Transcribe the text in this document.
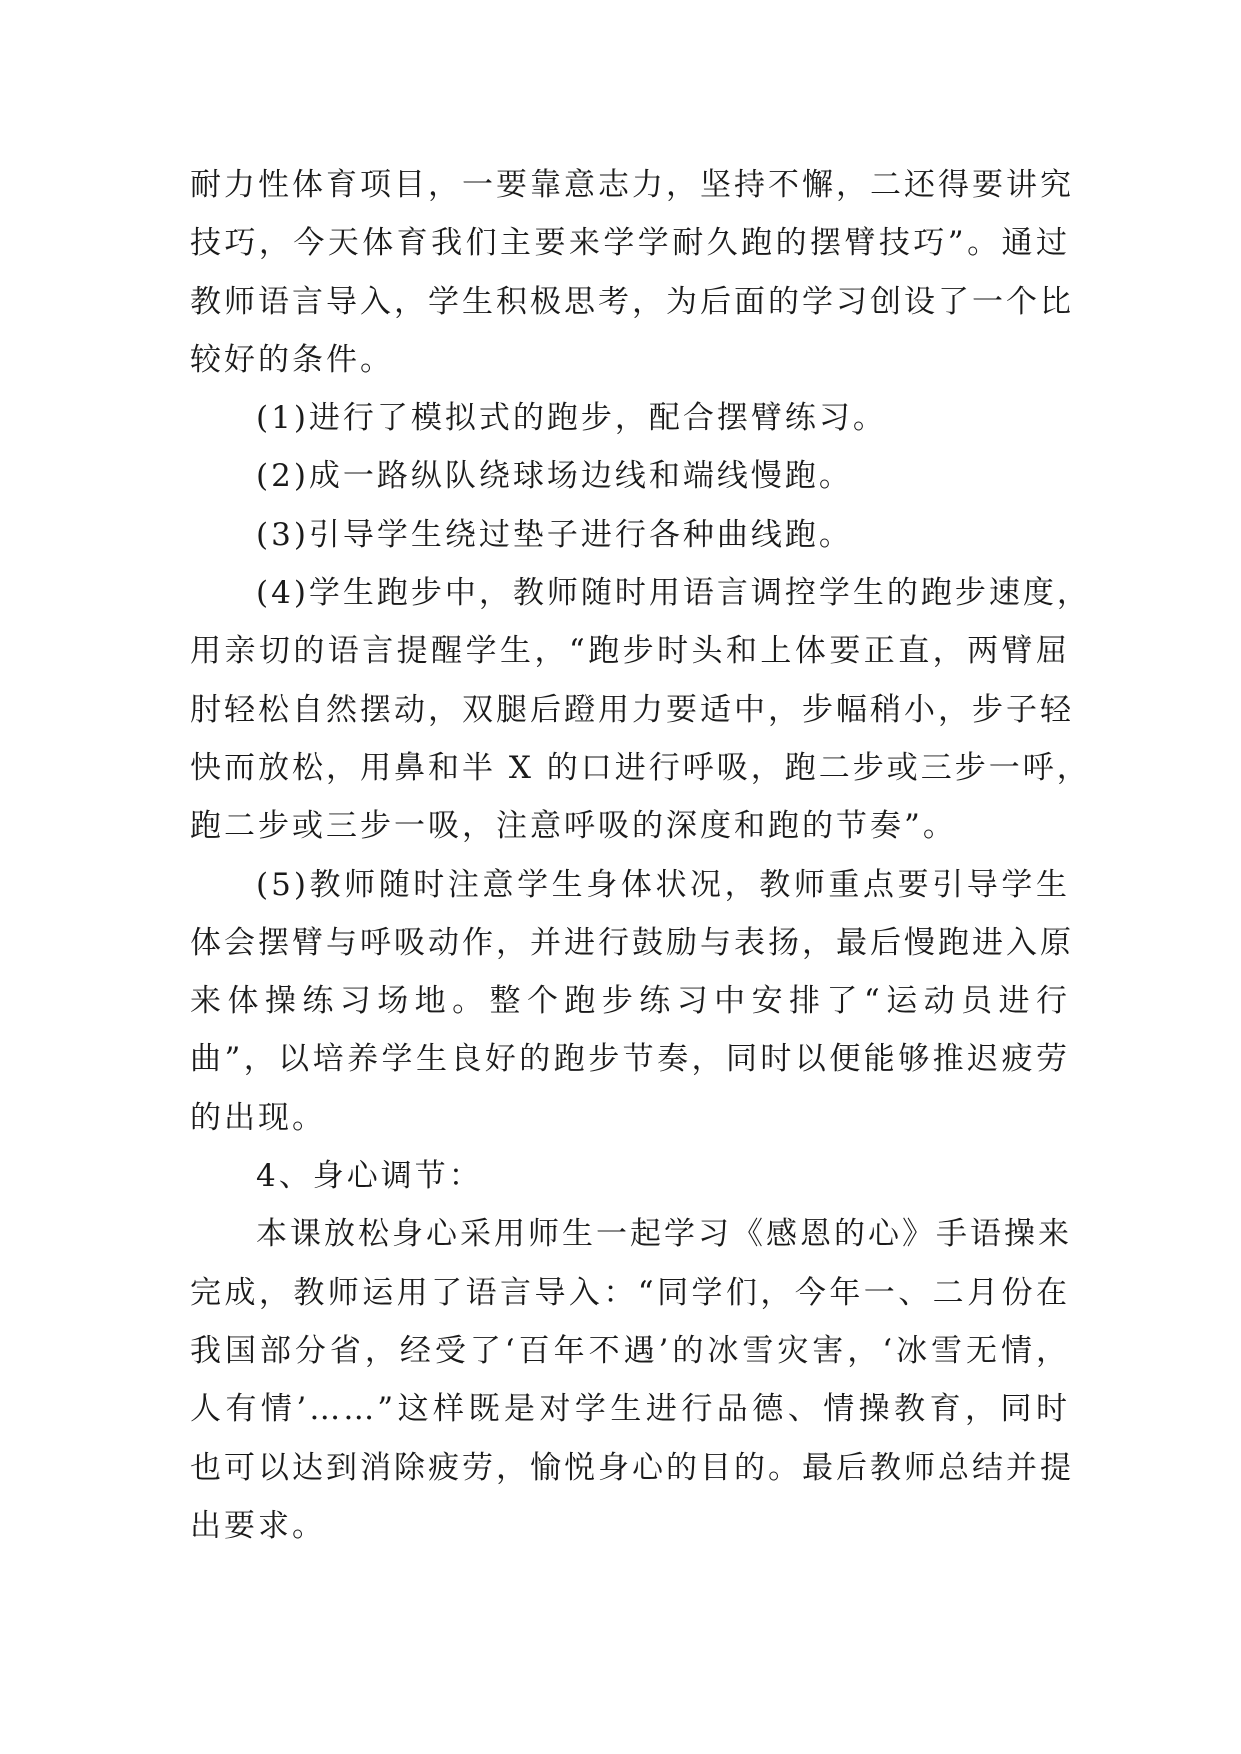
耐力性体育项目，一要靠意志力，坚持不懈，二还得要讲究
技巧，今天体育我们主要来学学耐久跑的摆臂技巧”。通过
教师语言导入，学生积极思考，为后面的学习创设了一个比
较好的条件。
(1)进行了模拟式的跑步，配合摆臂练习。
(2)成一路纵队绕球场边线和端线慢跑。
(3)引导学生绕过垫子进行各种曲线跑。
(4)学生跑步中，教师随时用语言调控学生的跑步速度，
用亲切的语言提醒学生，“跑步时头和上体要正直，两臂屈
肘轻松自然摆动，双腿后蹬用力要适中，步幅稍小，步子轻
快而放松，用鼻和半 X 的口进行呼吸，跑二步或三步一呼，
跑二步或三步一吸，注意呼吸的深度和跑的节奏”。
(5)教师随时注意学生身体状况，教师重点要引导学生
体会摆臂与呼吸动作，并进行鼓励与表扬，最后慢跑进入原
来体操练习场地。整个跑步练习中安排了“运动员进行
曲”，以培养学生良好的跑步节奏，同时以便能够推迟疲劳
的出现。
4、身心调节：
本课放松身心采用师生一起学习《感恩的心》手语操来
完成，教师运用了语言导入：“同学们，今年一、二月份在
我国部分省，经受了‘百年不遇’的冰雪灾害，‘冰雪无情，
人有情’……”这样既是对学生进行品德、情操教育，同时
也可以达到消除疲劳，愉悦身心的目的。最后教师总结并提
出要求。
